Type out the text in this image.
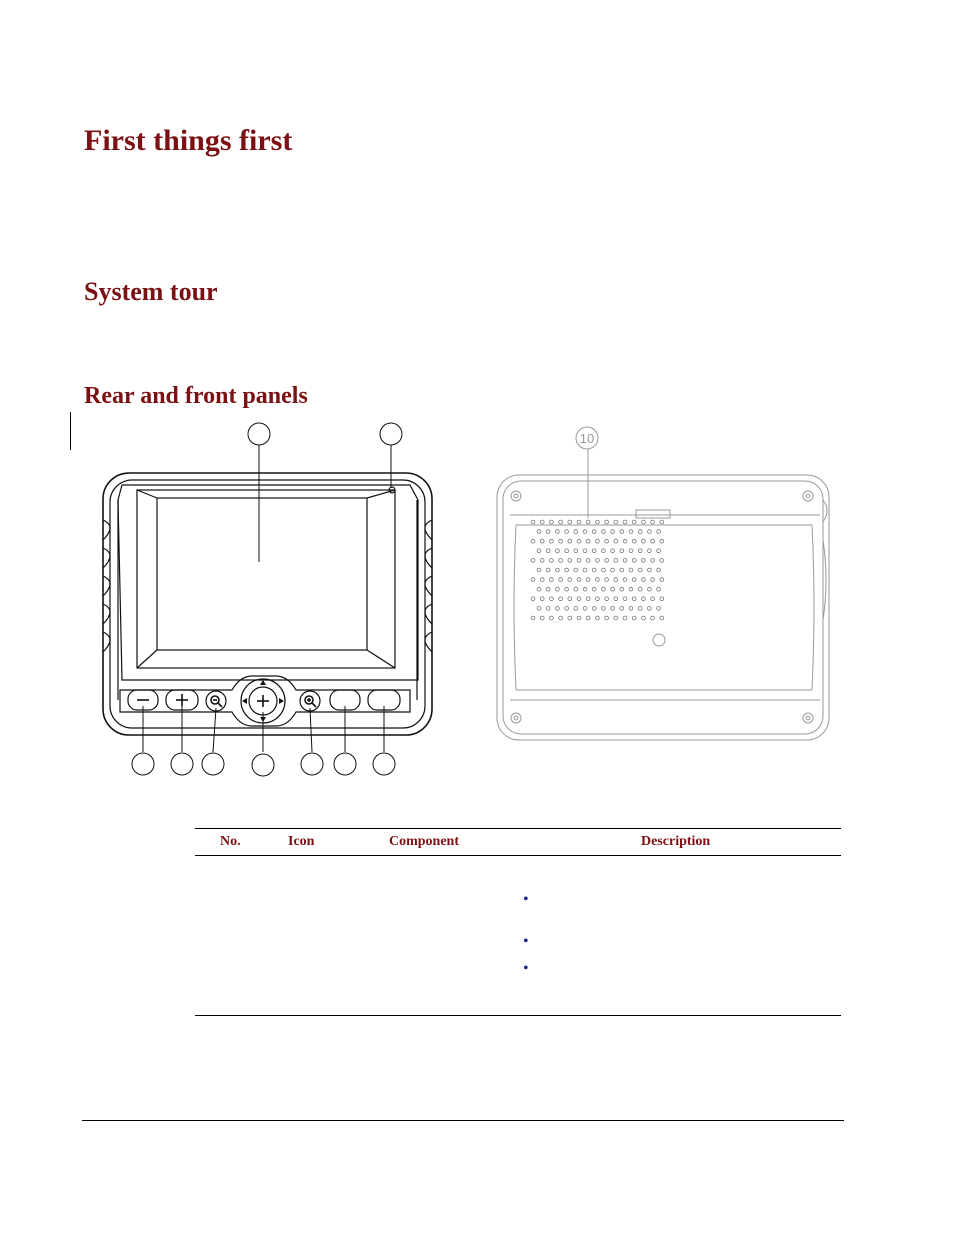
First things first
System tour
Rear and front panels
10
No.	Icon	Component	Description
•
•
•
